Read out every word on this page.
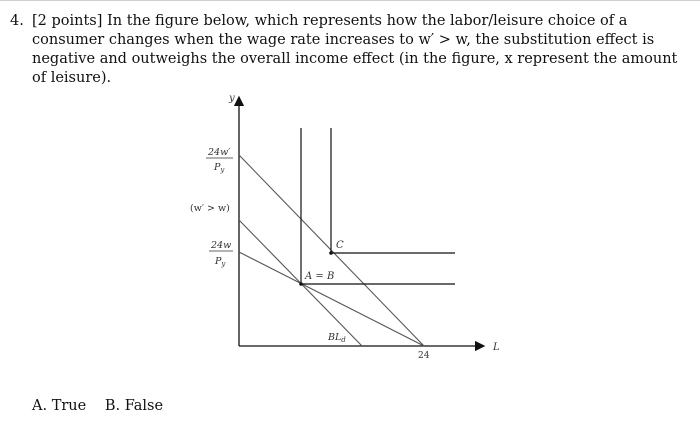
4. [2 points] In the figure below, which represents how the labor/leisure choice of a consumer changes when the wage rate increases to w′ > w, the substitution effect is negative and outweighs the overall income effect (in the figure, x represent the amount of leisure).
y
L
24w′
$P_y$
(w′ > w)
24w
$P_y$
C
A = B
$BL_d$
24
A. True B. False
